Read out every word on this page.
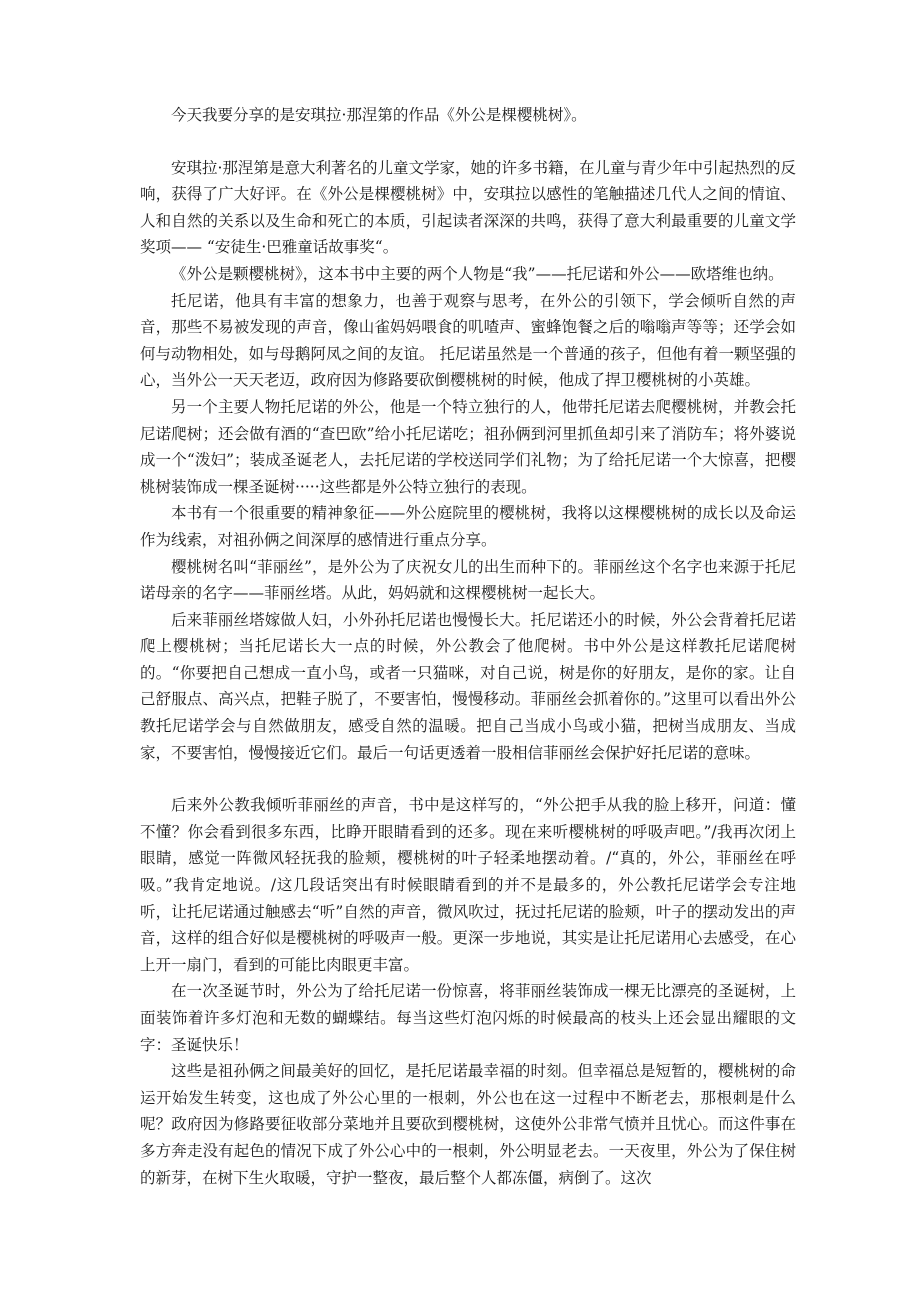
今天我要分享的是安琪拉·那涅第的作品《外公是棵樱桃树》。

安琪拉·那涅第是意大利著名的儿童文学家，她的许多书籍，在儿童与青少年中引起热烈的反响，获得了广大好评。在《外公是棵樱桃树》中，安琪拉以感性的笔触描述几代人之间的情谊、人和自然的关系以及生命和死亡的本质，引起读者深深的共鸣，获得了意大利最重要的儿童文学奖项—— “安徒生·巴雅童话故事奖“。

《外公是颗樱桃树》，这本书中主要的两个人物是“我”——托尼诺和外公——欧塔维也纳。

托尼诺，他具有丰富的想象力，也善于观察与思考，在外公的引领下，学会倾听自然的声音，那些不易被发现的声音，像山雀妈妈喂食的叽喳声、蜜蜂饱餐之后的嗡嗡声等等；还学会如何与动物相处，如与母鹅阿凤之间的友谊。 托尼诺虽然是一个普通的孩子，但他有着一颗坚强的心，当外公一天天老迈，政府因为修路要砍倒樱桃树的时候，他成了捍卫樱桃树的小英雄。

另一个主要人物托尼诺的外公，他是一个特立独行的人，他带托尼诺去爬樱桃树，并教会托尼诺爬树；还会做有酒的“查巴欧”给小托尼诺吃；祖孙俩到河里抓鱼却引来了消防车；将外婆说成一个“泼妇”；装成圣诞老人，去托尼诺的学校送同学们礼物；为了给托尼诺一个大惊喜，把樱桃树装饰成一棵圣诞树·····这些都是外公特立独行的表现。

本书有一个很重要的精神象征——外公庭院里的樱桃树，我将以这棵樱桃树的成长以及命运作为线索，对祖孙俩之间深厚的感情进行重点分享。

樱桃树名叫“菲丽丝”，是外公为了庆祝女儿的出生而种下的。菲丽丝这个名字也来源于托尼诺母亲的名字——菲丽丝塔。从此，妈妈就和这棵樱桃树一起长大。

后来菲丽丝塔嫁做人妇，小外孙托尼诺也慢慢长大。托尼诺还小的时候，外公会背着托尼诺爬上樱桃树；当托尼诺长大一点的时候，外公教会了他爬树。书中外公是这样教托尼诺爬树的。“你要把自己想成一直小鸟，或者一只猫咪，对自己说，树是你的好朋友，是你的家。让自己舒服点、高兴点，把鞋子脱了，不要害怕，慢慢移动。菲丽丝会抓着你的。”这里可以看出外公教托尼诺学会与自然做朋友，感受自然的温暖。把自己当成小鸟或小猫，把树当成朋友、当成家，不要害怕，慢慢接近它们。最后一句话更透着一股相信菲丽丝会保护好托尼诺的意味。

后来外公教我倾听菲丽丝的声音，书中是这样写的，“外公把手从我的脸上移开，问道：懂不懂？你会看到很多东西，比睁开眼睛看到的还多。现在来听樱桃树的呼吸声吧。”/我再次闭上眼睛，感觉一阵微风轻抚我的脸颊，樱桃树的叶子轻柔地摆动着。/“真的，外公，菲丽丝在呼吸。”我肯定地说。/这几段话突出有时候眼睛看到的并不是最多的，外公教托尼诺学会专注地听，让托尼诺通过触感去“听”自然的声音，微风吹过，抚过托尼诺的脸颊，叶子的摆动发出的声音，这样的组合好似是樱桃树的呼吸声一般。更深一步地说，其实是让托尼诺用心去感受，在心上开一扇门，看到的可能比肉眼更丰富。

在一次圣诞节时，外公为了给托尼诺一份惊喜，将菲丽丝装饰成一棵无比漂亮的圣诞树，上面装饰着许多灯泡和无数的蝴蝶结。每当这些灯泡闪烁的时候最高的枝头上还会显出耀眼的文字：圣诞快乐！

这些是祖孙俩之间最美好的回忆，是托尼诺最幸福的时刻。但幸福总是短暂的，樱桃树的命运开始发生转变，这也成了外公心里的一根刺，外公也在这一过程中不断老去，那根刺是什么呢？政府因为修路要征收部分菜地并且要砍到樱桃树，这使外公非常气愤并且忧心。而这件事在多方奔走没有起色的情况下成了外公心中的一根刺，外公明显老去。一天夜里，外公为了保住树的新芽，在树下生火取暖，守护一整夜，最后整个人都冻僵，病倒了。这次
